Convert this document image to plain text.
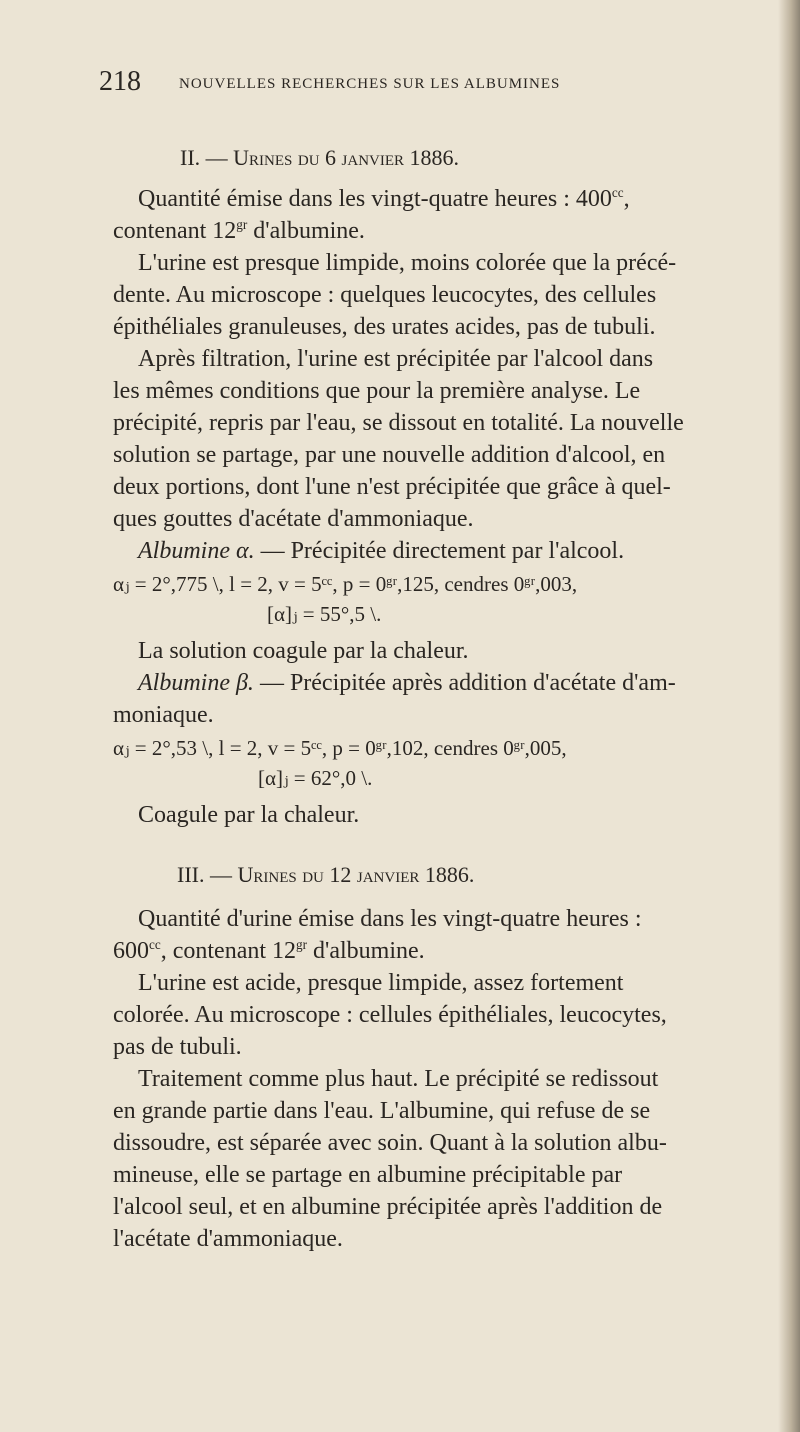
218	NOUVELLES RECHERCHES SUR LES ALBUMINES
II. — Urines du 6 janvier 1886.
Quantité émise dans les vingt-quatre heures : $400^{cc}$,
contenant $12^{gr}$ d'albumine.
L'urine est presque limpide, moins colorée que la précé-
dente. Au microscope : quelques leucocytes, des cellules
épithéliales granuleuses, des urates acides, pas de tubuli.
Après filtration, l'urine est précipitée par l'alcool dans
les mêmes conditions que pour la première analyse. Le
précipité, repris par l'eau, se dissout en totalité. La nouvelle
solution se partage, par une nouvelle addition d'alcool, en
deux portions, dont l'une n'est précipitée que grâce à quel-
ques gouttes d'acétate d'ammoniaque.
Albumine α. — Précipitée directement par l'alcool.
αⱼ = 2°,775 \, l = 2, v = 5ᶜᶜ, p = 0ᵍʳ,125, cendres 0ᵍʳ,003,
[α]ⱼ = 55°,5 \.
La solution coagule par la chaleur.
Albumine β. — Précipitée après addition d'acétate d'am-
moniaque.
αⱼ = 2°,53 \, l = 2, v = 5ᶜᶜ, p = 0ᵍʳ,102, cendres 0ᵍʳ,005,
[α]ⱼ = 62°,0 \.
Coagule par la chaleur.
III. — Urines du 12 janvier 1886.
Quantité d'urine émise dans les vingt-quatre heures :
$600^{cc}$, contenant $12^{gr}$ d'albumine.
L'urine est acide, presque limpide, assez fortement
colorée. Au microscope : cellules épithéliales, leucocytes,
pas de tubuli.
Traitement comme plus haut. Le précipité se redissout
en grande partie dans l'eau. L'albumine, qui refuse de se
dissoudre, est séparée avec soin. Quant à la solution albu-
mineuse, elle se partage en albumine précipitable par
l'alcool seul, et en albumine précipitée après l'addition de
l'acétate d'ammoniaque.
